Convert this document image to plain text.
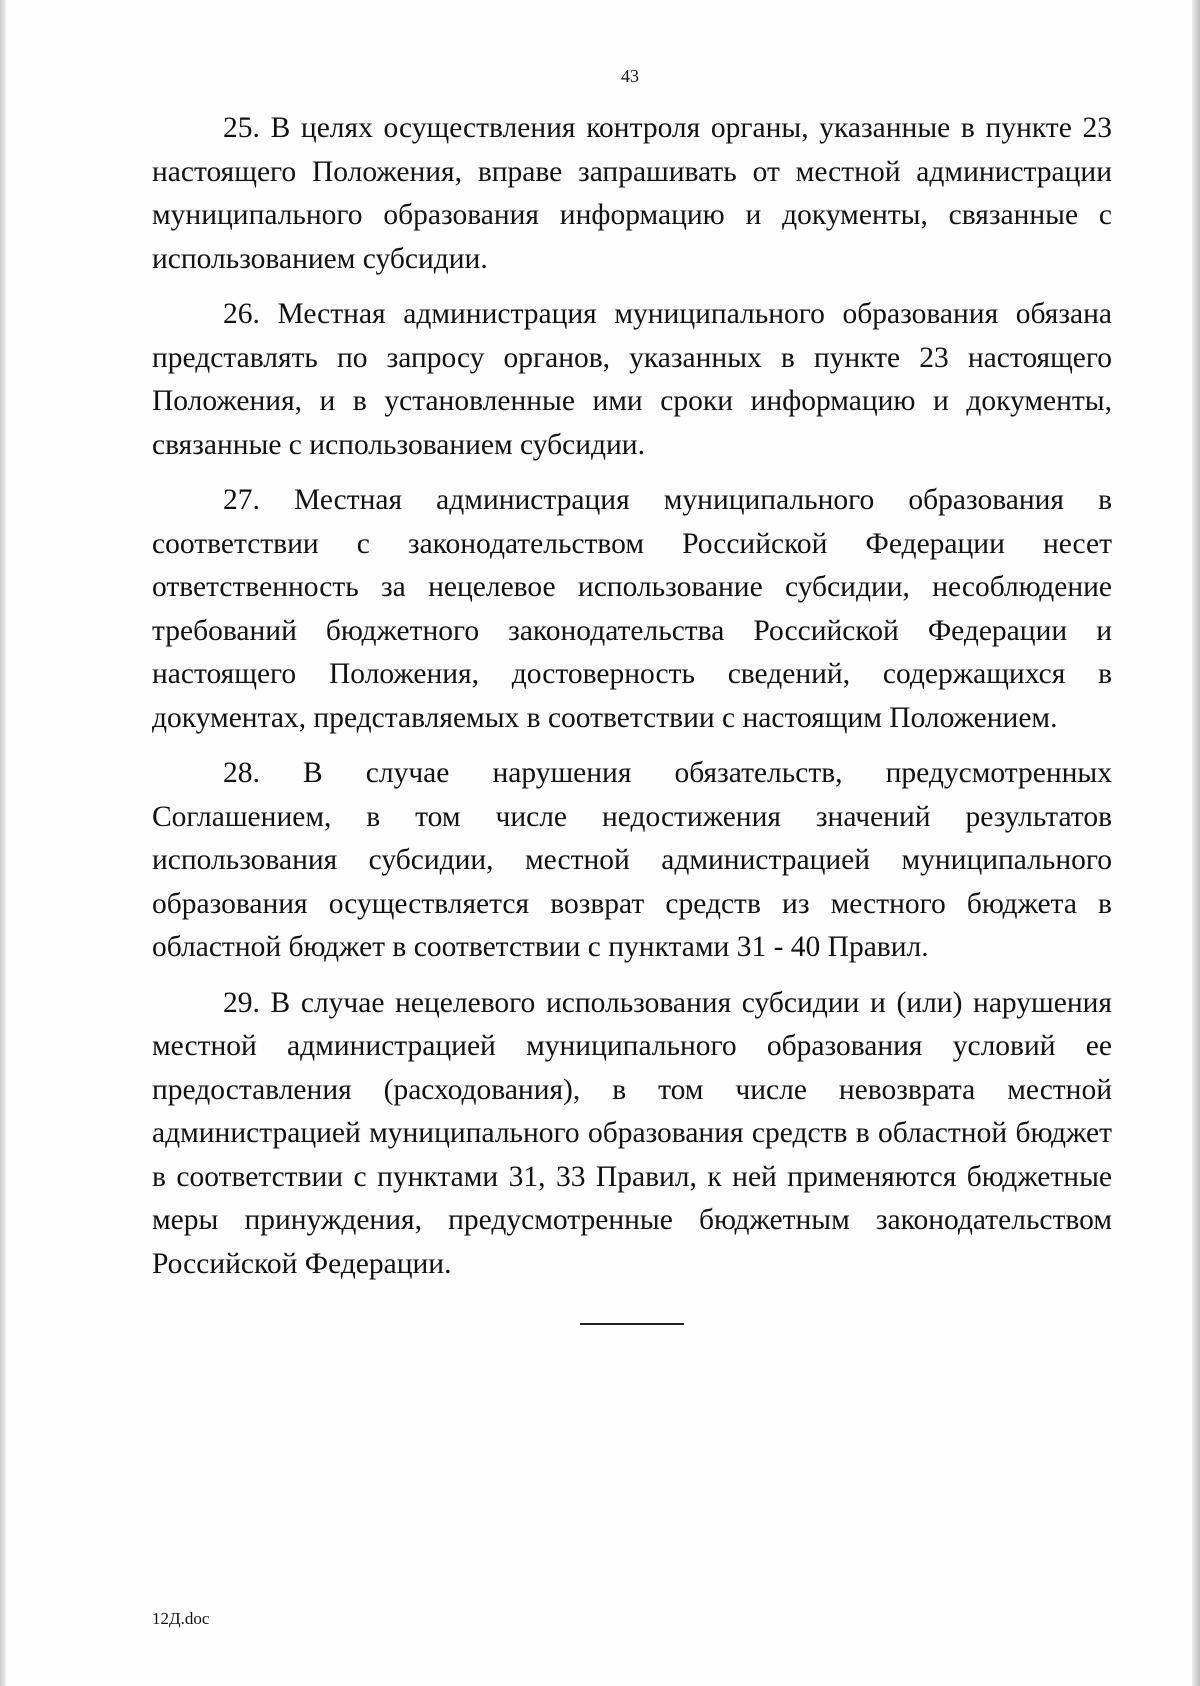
43

25. В целях осуществления контроля органы, указанные в пункте 23 настоящего Положения, вправе запрашивать от местной администрации муниципального образования информацию и документы, связанные с использованием субсидии.

26. Местная администрация муниципального образования обязана представлять по запросу органов, указанных в пункте 23 настоящего Положения, и в установленные ими сроки информацию и документы, связанные с использованием субсидии.

27. Местная администрация муниципального образования в соответствии с законодательством Российской Федерации несет ответственность за нецелевое использование субсидии, несоблюдение требований бюджетного законодательства Российской Федерации и настоящего Положения, достоверность сведений, содержащихся в документах, представляемых в соответствии с настоящим Положением.

28. В случае нарушения обязательств, предусмотренных Соглашением, в том числе недостижения значений результатов использования субсидии, местной администрацией муниципального образования осуществляется возврат средств из местного бюджета в областной бюджет в соответствии с пунктами 31 - 40 Правил.

29. В случае нецелевого использования субсидии и (или) нарушения местной администрацией муниципального образования условий ее предоставления (расходования), в том числе невозврата местной администрацией муниципального образования средств в областной бюджет в соответствии с пунктами 31, 33 Правил, к ней применяются бюджетные меры принуждения, предусмотренные бюджетным законодательством Российской Федерации.

12Д.doc
